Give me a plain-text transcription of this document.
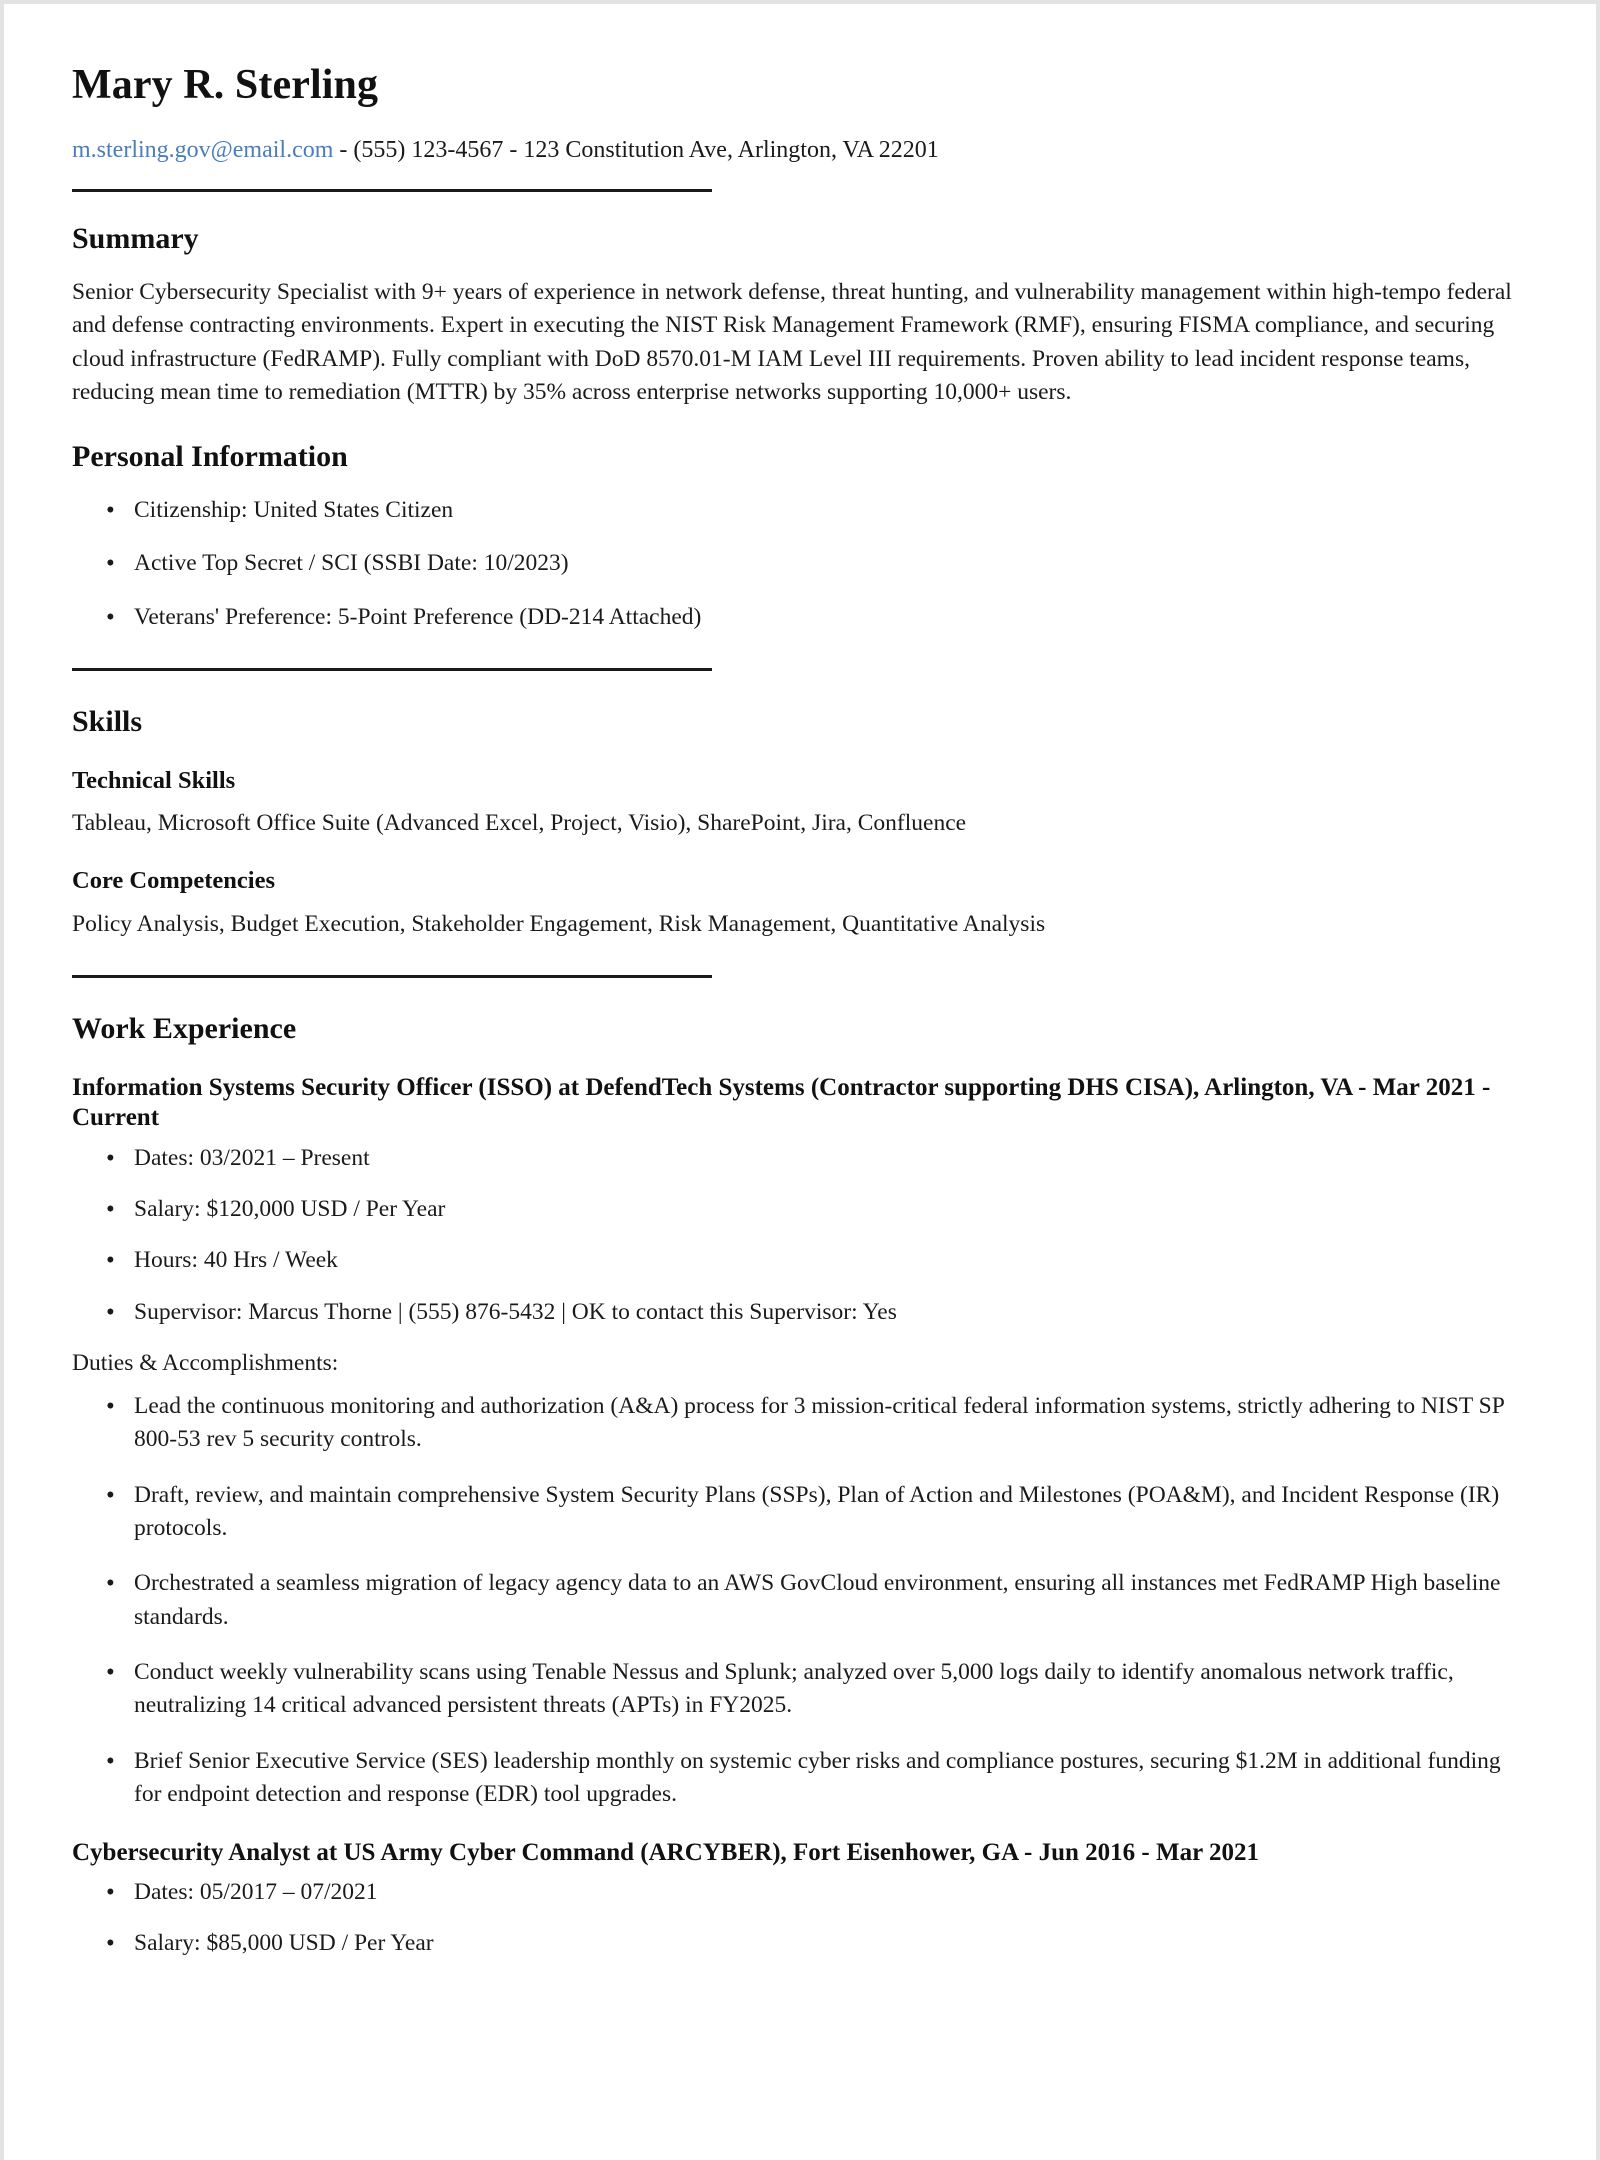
Mary R. Sterling
m.sterling.gov@email.com - (555) 123-4567 - 123 Constitution Ave, Arlington, VA 22201
Summary

Senior Cybersecurity Specialist with 9+ years of experience in network defense, threat hunting, and vulnerability management within high-tempo federal and defense contracting environments. Expert in executing the NIST Risk Management Framework (RMF), ensuring FISMA compliance, and securing cloud infrastructure (FedRAMP). Fully compliant with DoD 8570.01-M IAM Level III requirements. Proven ability to lead incident response teams, reducing mean time to remediation (MTTR) by 35% across enterprise networks supporting 10,000+ users.

Personal Information
• Citizenship: United States Citizen
• Active Top Secret / SCI (SSBI Date: 10/2023)
• Veterans' Preference: 5-Point Preference (DD-214 Attached)
Skills
Technical Skills

Tableau, Microsoft Office Suite (Advanced Excel, Project, Visio), SharePoint, Jira, Confluence

Core Competencies

Policy Analysis, Budget Execution, Stakeholder Engagement, Risk Management, Quantitative Analysis

Work Experience
Information Systems Security Officer (ISSO) at DefendTech Systems (Contractor supporting DHS CISA), Arlington, VA - Mar 2021 - Current
• Dates: 03/2021 – Present
• Salary: $120,000 USD / Per Year
• Hours: 40 Hrs / Week
• Supervisor: Marcus Thorne | (555) 876-5432 | OK to contact this Supervisor: Yes

Duties & Accomplishments:

• Lead the continuous monitoring and authorization (A&A) process for 3 mission-critical federal information systems, strictly adhering to NIST SP 800-53 rev 5 security controls.
• Draft, review, and maintain comprehensive System Security Plans (SSPs), Plan of Action and Milestones (POA&M), and Incident Response (IR) protocols.
• Orchestrated a seamless migration of legacy agency data to an AWS GovCloud environment, ensuring all instances met FedRAMP High baseline standards.
• Conduct weekly vulnerability scans using Tenable Nessus and Splunk; analyzed over 5,000 logs daily to identify anomalous network traffic, neutralizing 14 critical advanced persistent threats (APTs) in FY2025.
• Brief Senior Executive Service (SES) leadership monthly on systemic cyber risks and compliance postures, securing $1.2M in additional funding for endpoint detection and response (EDR) tool upgrades.
Cybersecurity Analyst at US Army Cyber Command (ARCYBER), Fort Eisenhower, GA - Jun 2016 - Mar 2021
• Dates: 05/2017 – 07/2021
• Salary: $85,000 USD / Per Year
